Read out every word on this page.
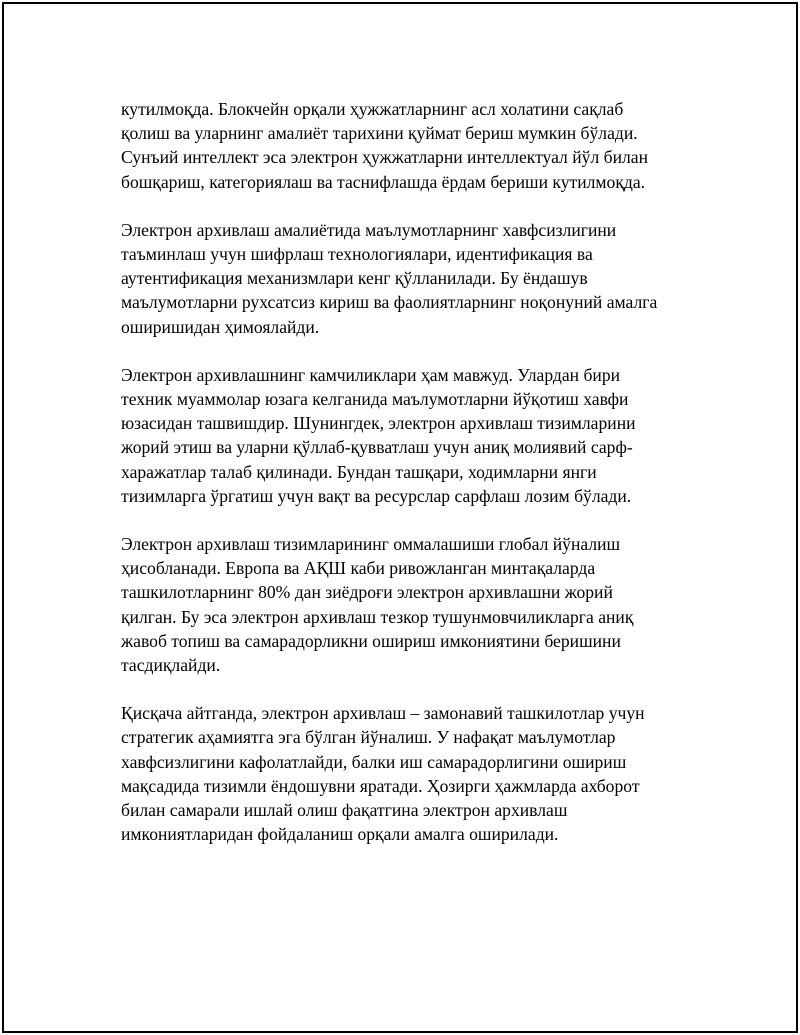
кутилмоқда. Блокчейн орқали ҳужжатларнинг асл холатини сақлаб
қолиш ва уларнинг амалиёт тарихини қуймат бериш мумкин бўлади.
Сунъий интеллект эса электрон ҳужжатларни интеллектуал йўл билан
бошқариш, категориялаш ва таснифлашда ёрдам бериши кутилмоқда.

Электрон архивлаш амалиётида маълумотларнинг хавфсизлигини
таъминлаш учун шифрлаш технологиялари, идентификация ва
аутентификация механизмлари кенг қўлланилади. Бу ёндашув
маълумотларни рухсатсиз кириш ва фаолиятларнинг ноқонуний амалга
оширишидан ҳимоялайди.

Электрон архивлашнинг камчиликлари ҳам мавжуд. Улардан бири
техник муаммолар юзага келганида маълумотларни йўқотиш хавфи
юзасидан ташвишдир. Шунингдек, электрон архивлаш тизимларини
жорий этиш ва уларни қўллаб-қувватлаш учун аниқ молиявий сарф-
харажатлар талаб қилинади. Бундан ташқари, ходимларни янги
тизимларга ўргатиш учун вақт ва ресурслар сарфлаш лозим бўлади.

Электрон архивлаш тизимларининг оммалашиши глобал йўналиш
ҳисобланади. Европа ва АҚШ каби ривожланган минтақаларда
ташкилотларнинг 80% дан зиёдроғи электрон архивлашни жорий
қилган. Бу эса электрон архивлаш тезкор тушунмовчиликларга аниқ
жавоб топиш ва самарадорликни ошириш имкониятини беришини
тасдиқлайди.

Қисқача айтганда, электрон архивлаш – замонавий ташкилотлар учун
стратегик аҳамиятга эга бўлган йўналиш. У нафақат маълумотлар
хавфсизлигини кафолатлайди, балки иш самарадорлигини ошириш
мақсадида тизимли ёндошувни яратади. Ҳозирги ҳажмларда ахборот
билан самарали ишлай олиш фақатгина электрон архивлаш
имкониятларидан фойдаланиш орқали амалга оширилади.
